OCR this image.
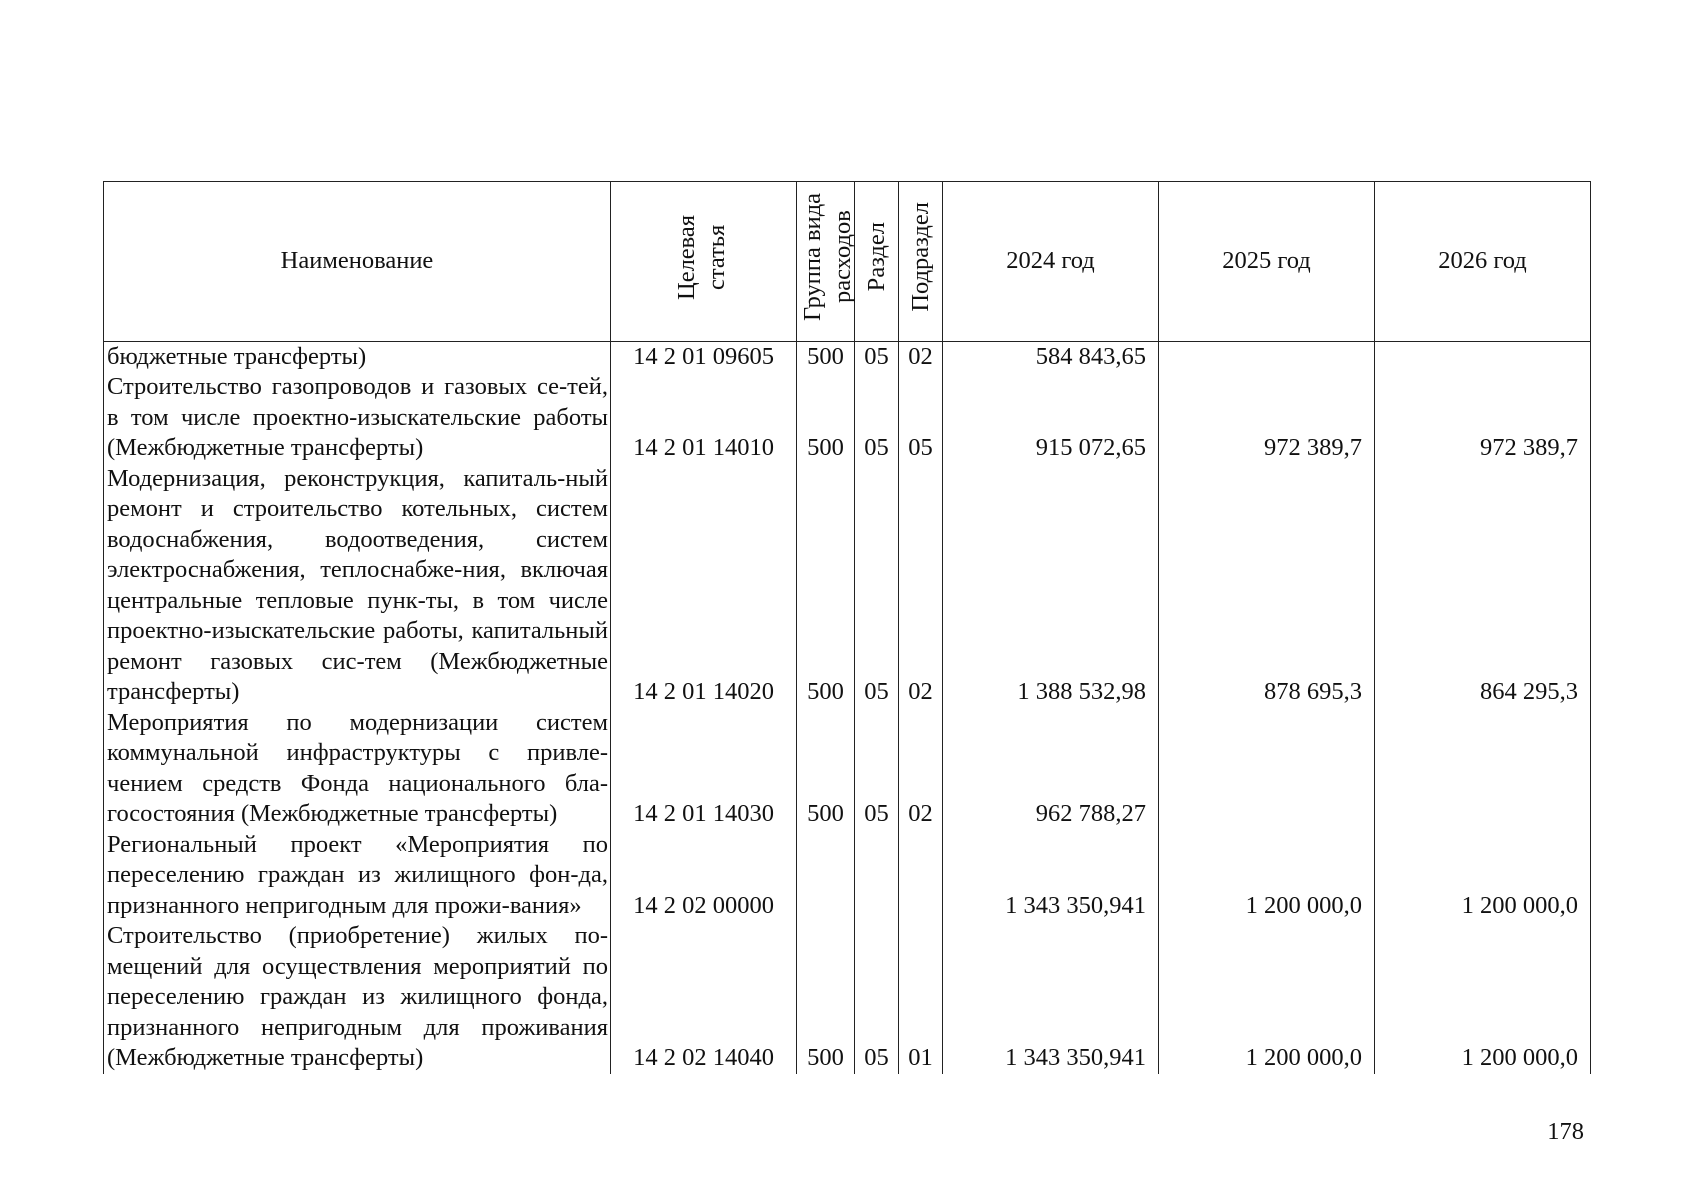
Наименование	Целевая статья	Группа вида расходов	Раздел	Подраздел	2024 год	2025 год	2026 год
бюджетные трансферты)	14 2 01 09605	500	05	02	584 843,65		
Строительство газопроводов и газовых се-тей, в том числе проектно-изыскательские работы (Межбюджетные трансферты)	14 2 01 14010	500	05	05	915 072,65	972 389,7	972 389,7
Модернизация, реконструкция, капиталь-ный ремонт и строительство котельных, систем водоснабжения, водоотведения, систем электроснабжения, теплоснабже-ния, включая центральные тепловые пунк-ты, в том числе проектно-изыскательские работы, капитальный ремонт газовых сис-тем (Межбюджетные трансферты)	14 2 01 14020	500	05	02	1 388 532,98	878 695,3	864 295,3
Мероприятия по модернизации систем коммунальной инфраструктуры с привле-чением средств Фонда национального бла-госостояния (Межбюджетные трансферты)	14 2 01 14030	500	05	02	962 788,27		
Региональный проект «Мероприятия по переселению граждан из жилищного фон-да, признанного непригодным для прожи-вания»	14 2 02 00000				1 343 350,941	1 200 000,0	1 200 000,0
Строительство (приобретение) жилых по-мещений для осуществления мероприятий по переселению граждан из жилищного фонда, признанного непригодным для проживания (Межбюджетные трансферты)	14 2 02 14040	500	05	01	1 343 350,941	1 200 000,0	1 200 000,0
178
